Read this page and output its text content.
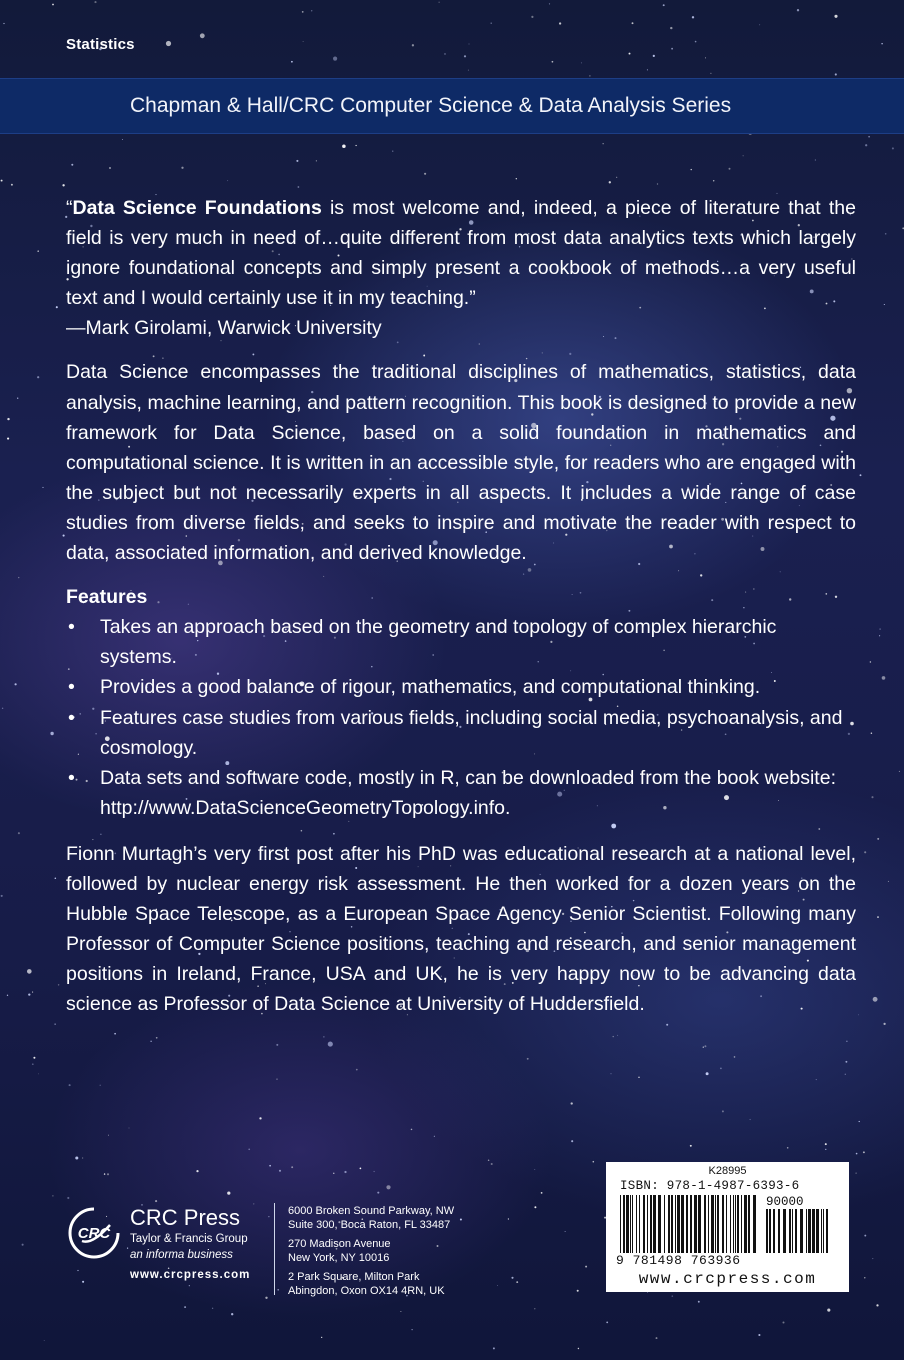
Statistics
Chapman & Hall/CRC Computer Science & Data Analysis Series

“Data Science Foundations is most welcome and, indeed, a piece of literature that the field is very much in need of…quite different from most data analytics texts which largely ignore foundational concepts and simply present a cookbook of methods…a very useful text and I would certainly use it in my teaching.”

—Mark Girolami, Warwick University

Data Science encompasses the traditional disciplines of mathematics, statistics, data analysis, machine learning, and pattern recognition. This book is designed to provide a new framework for Data Science, based on a solid foundation in mathematics and computational science. It is written in an accessible style, for readers who are engaged with the subject but not necessarily experts in all aspects. It includes a wide range of case studies from diverse fields, and seeks to inspire and motivate the reader with respect to data, associated information, and derived knowledge.

Features
• Takes an approach based on the geometry and topology of complex hierarchic systems.
• Provides a good balance of rigour, mathematics, and computational thinking.
• Features case studies from various fields, including social media, psychoanalysis, and cosmology.
• Data sets and software code, mostly in R, can be downloaded from the book website: http://www.DataScienceGeometryTopology.info.

Fionn Murtagh’s very first post after his PhD was educational research at a national level, followed by nuclear energy risk assessment. He then worked for a dozen years on the Hubble Space Telescope, as a European Space Agency Senior Scientist. Following many Professor of Computer Science positions, teaching and research, and senior management positions in Ireland, France, USA and UK, he is very happy now to be advancing data science as Professor of Data Science at University of Huddersfield.

CRC
CRC Press
Taylor & Francis Group
an informa business
www.crcpress.com
6000 Broken Sound Parkway, NW
Suite 300, Boca Raton, FL 33487
270 Madison Avenue
New York, NY 10016
2 Park Square, Milton Park
Abingdon, Oxon OX14 4RN, UK
K28995
ISBN: 978-1-4987-6393-6
90000
9 781498 763936
www.crcpress.com
